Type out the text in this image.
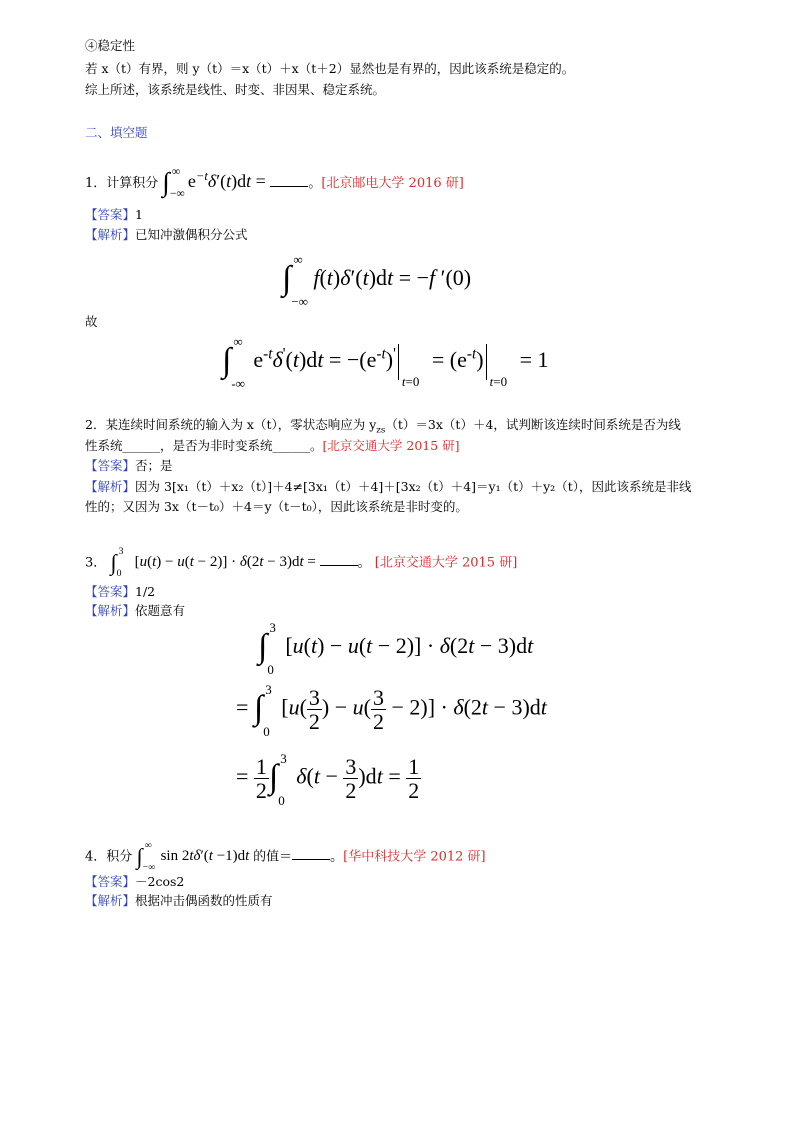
④稳定性
若 x（t）有界，则 y（t）＝x（t）＋x（t＋2）显然也是有界的，因此该系统是稳定的。
综上所述，该系统是线性、时变、非因果、稳定系统。
二、填空题
1．计算积分 ∫ ∞
−∞
$e^{-t}\delta'(t)dt$ =	。[北京邮电大学 2016 研]
【答案】1
【解析】已知冲激偶积分公式
∫
∞
−∞
f(t)δ′(t)dt = −f ′(0)
故
∫
∞
-∞
$e^{-t}\delta'(t)dt = -(e^{-t})'$
t=0
= $(e^{-t})$
t=0
= 1
2．某连续时间系统的输入为 x（t），零状态响应为 $y_{zs}(t)=3x(t)+4$，试判断该连续时间系统是否为线
性系统______，是否为非时变系统______。[北京交通大学 2015 研]
【答案】否；是
【解析】因为 3[x₁（t）＋x₂（t）]＋4≠[3x₁（t）＋4]＋[3x₂（t）＋4]＝y₁（t）＋y₂（t），因此该系统是非线
性的；又因为 3x（t－t₀）＋4＝y（t－t₀），因此该系统是非时变的。
3． ∫ 3
0
[u(t) − u(t − 2)] · δ(2t − 3)dt =	。 [北京交通大学 2015 研]
【答案】1/2
【解析】依题意有
∫
3
0
[u(t) − u(t − 2)] · δ(2t − 3)dt
= ∫
3
0
[$u( \frac{3}{2}$ ) − $u( \frac{3}{2} - 2)] \cdot \delta(2t - 3)dt$
= $\frac{1}{2}$ ∫
3
0
$\delta(t - \frac{3}{2} )dt = \frac{1}{2}$
4．积分 ∫ ∞
−∞
sin 2tδ′(t −1)dt 的值＝	。[华中科技大学 2012 研]
【答案】－2cos2
【解析】根据冲击偶函数的性质有
